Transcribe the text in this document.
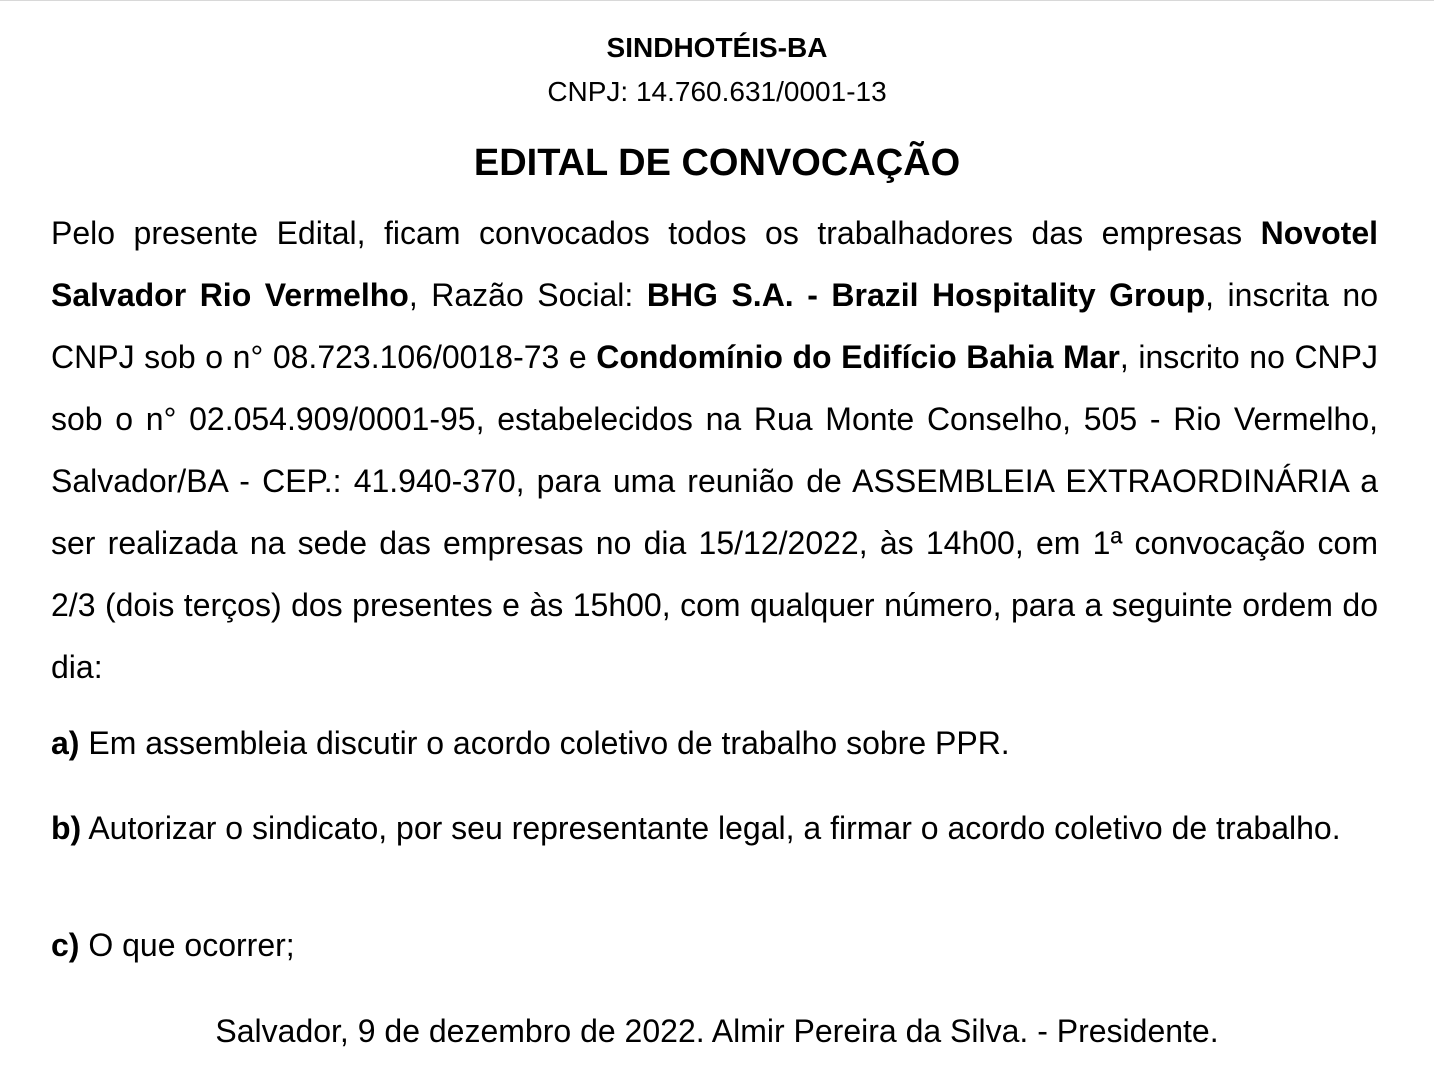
SINDHOTÉIS-BA
CNPJ: 14.760.631/0001-13
EDITAL DE CONVOCAÇÃO

Pelo presente Edital, ficam convocados todos os trabalhadores das empresas Novotel Salvador Rio Vermelho, Razão Social: BHG S.A. - Brazil Hospitality Group, inscrita no CNPJ sob o n° 08.723.106/0018-73 e Condomínio do Edifício Bahia Mar, inscrito no CNPJ sob o n° 02.054.909/0001-95, estabelecidos na Rua Monte Conselho, 505 - Rio Vermelho, Salvador/BA - CEP.: 41.940-370, para uma reunião de ASSEMBLEIA EXTRAORDINÁRIA a ser realizada na sede das empresas no dia 15/12/2022, às 14h00, em 1ª convocação com 2/3 (dois terços) dos presentes e às 15h00, com qualquer número, para a seguinte ordem do dia:

a) Em assembleia discutir o acordo coletivo de trabalho sobre PPR.

b) Autorizar o sindicato, por seu representante legal, a firmar o acordo coletivo de trabalho.

c) O que ocorrer;

Salvador, 9 de dezembro de 2022. Almir Pereira da Silva. - Presidente.
